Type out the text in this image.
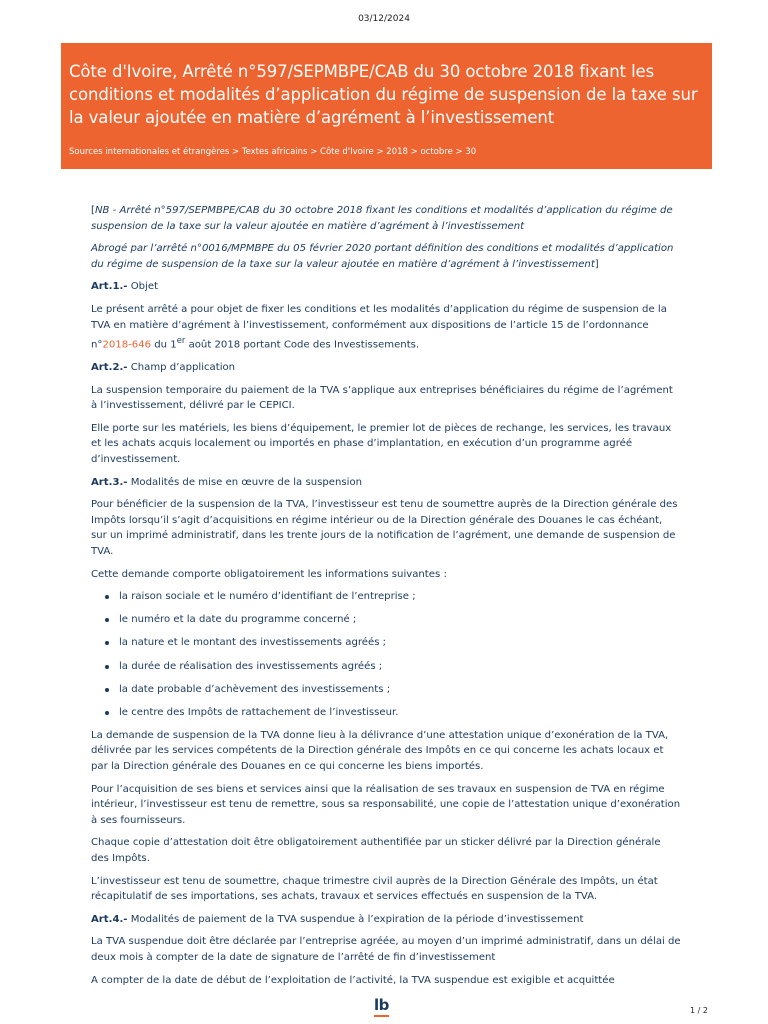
03/12/2024
Côte d'Ivoire, Arrêté n°597/SEPMBPE/CAB du 30 octobre 2018 fixant les conditions et modalités d’application du régime de suspension de la taxe sur la valeur ajoutée en matière d’agrément à l’investissement
Sources internationales et étrangères > Textes africains > Côte d'Ivoire > 2018 > octobre > 30

[NB - Arrêté n°597/SEPMBPE/CAB du 30 octobre 2018 fixant les conditions et modalités d’application du régime de suspension de la taxe sur la valeur ajoutée en matière d’agrément à l’investissement

Abrogé par l’arrêté n°0016/MPMBPE du 05 février 2020 portant définition des conditions et modalités d’application du régime de suspension de la taxe sur la valeur ajoutée en matière d’agrément à l’investissement]

Art.1.- Objet

Le présent arrêté a pour objet de fixer les conditions et les modalités d’application du régime de suspension de la TVA en matière d’agrément à l’investissement, conformément aux dispositions de l’article 15 de l’ordonnance n°2018-646 du 1er août 2018 portant Code des Investissements.

Art.2.- Champ d’application

La suspension temporaire du paiement de la TVA s’applique aux entreprises bénéficiaires du régime de l’agrément à l’investissement, délivré par le CEPICI.

Elle porte sur les matériels, les biens d’équipement, le premier lot de pièces de rechange, les services, les travaux et les achats acquis localement ou importés en phase d’implantation, en exécution d’un programme agréé d’investissement.

Art.3.- Modalités de mise en œuvre de la suspension

Pour bénéficier de la suspension de la TVA, l’investisseur est tenu de soumettre auprès de la Direction générale des Impôts lorsqu’il s’agit d’acquisitions en régime intérieur ou de la Direction générale des Douanes le cas échéant, sur un imprimé administratif, dans les trente jours de la notification de l’agrément, une demande de suspension de TVA.

Cette demande comporte obligatoirement les informations suivantes :

la raison sociale et le numéro d’identifiant de l’entreprise ;
le numéro et la date du programme concerné ;
la nature et le montant des investissements agréés ;
la durée de réalisation des investissements agréés ;
la date probable d’achèvement des investissements ;
le centre des Impôts de rattachement de l’investisseur.

La demande de suspension de la TVA donne lieu à la délivrance d’une attestation unique d’exonération de la TVA, délivrée par les services compétents de la Direction générale des Impôts en ce qui concerne les achats locaux et par la Direction générale des Douanes en ce qui concerne les biens importés.

Pour l’acquisition de ses biens et services ainsi que la réalisation de ses travaux en suspension de TVA en régime intérieur, l’investisseur est tenu de remettre, sous sa responsabilité, une copie de l’attestation unique d’exonération à ses fournisseurs.

Chaque copie d’attestation doit être obligatoirement authentifiée par un sticker délivré par la Direction générale des Impôts.

L’investisseur est tenu de soumettre, chaque trimestre civil auprès de la Direction Générale des Impôts, un état récapitulatif de ses importations, ses achats, travaux et services effectués en suspension de la TVA.

Art.4.- Modalités de paiement de la TVA suspendue à l’expiration de la période d’investissement

La TVA suspendue doit être déclarée par l’entreprise agréée, au moyen d’un imprimé administratif, dans un délai de deux mois à compter de la date de signature de l’arrêté de fin d’investissement

A compter de la date de début de l’exploitation de l’activité, la TVA suspendue est exigible et acquittée

lb	1 / 2
